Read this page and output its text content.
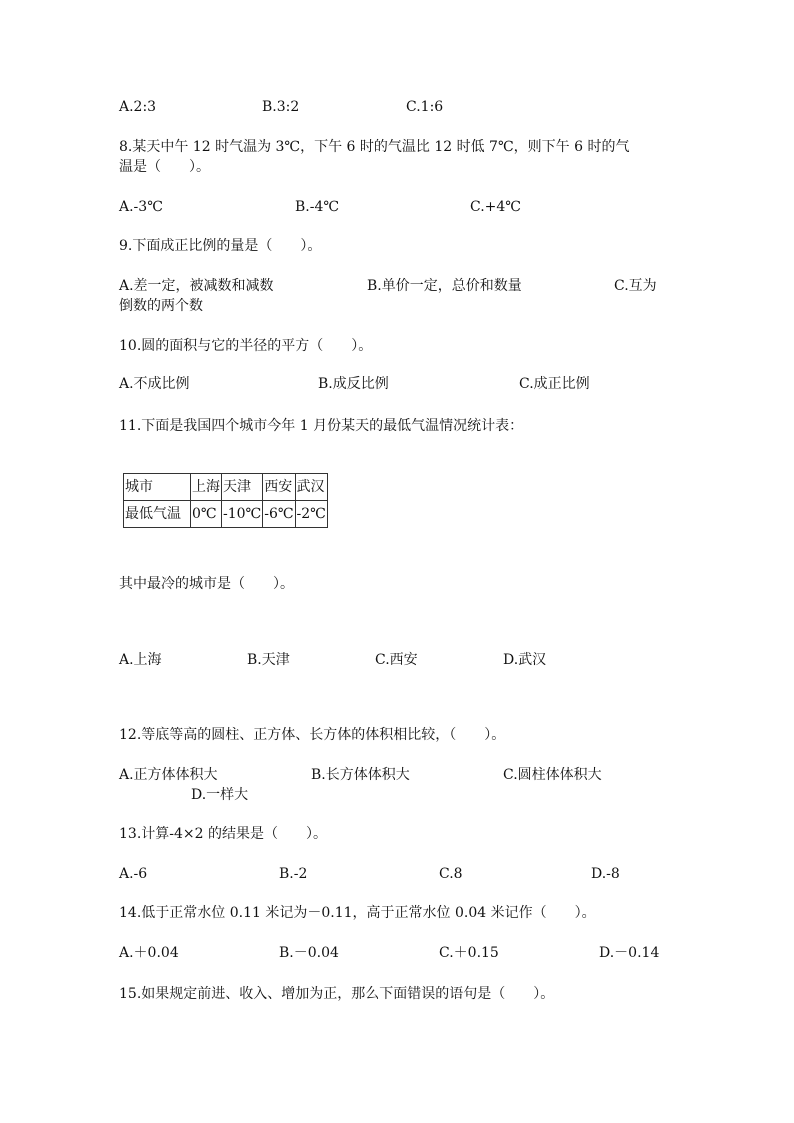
A.2:3	B.3:2	C.1:6
8.某天中午 12 时气温为 3℃，下午 6 时的气温比 12 时低 7℃，则下午 6 时的气
温是（　　）。
A.-3℃	B.-4℃	C.+4℃
9.下面成正比例的量是（　　）。
A.差一定，被减数和减数	B.单价一定，总价和数量	C.互为
倒数的两个数
10.圆的面积与它的半径的平方（　　）。
A.不成比例	B.成反比例	C.成正比例
11.下面是我国四个城市今年 1 月份某天的最低气温情况统计表：
城市	上海	天津	西安	武汉
最低气温	0℃	-10℃	-6℃	-2℃
其中最冷的城市是（　　）。
A.上海	B.天津	C.西安	D.武汉
12.等底等高的圆柱、正方体、长方体的体积相比较，（　　）。
A.正方体体积大	B.长方体体积大	C.圆柱体体积大
D.一样大
13.计算-4×2 的结果是（　　）。
A.-6	B.-2	C.8	D.-8
14.低于正常水位 0.11 米记为－0.11，高于正常水位 0.04 米记作（　　）。
A.＋0.04	B.－0.04	C.＋0.15	D.－0.14
15.如果规定前进、收入、增加为正，那么下面错误的语句是（　　）。
